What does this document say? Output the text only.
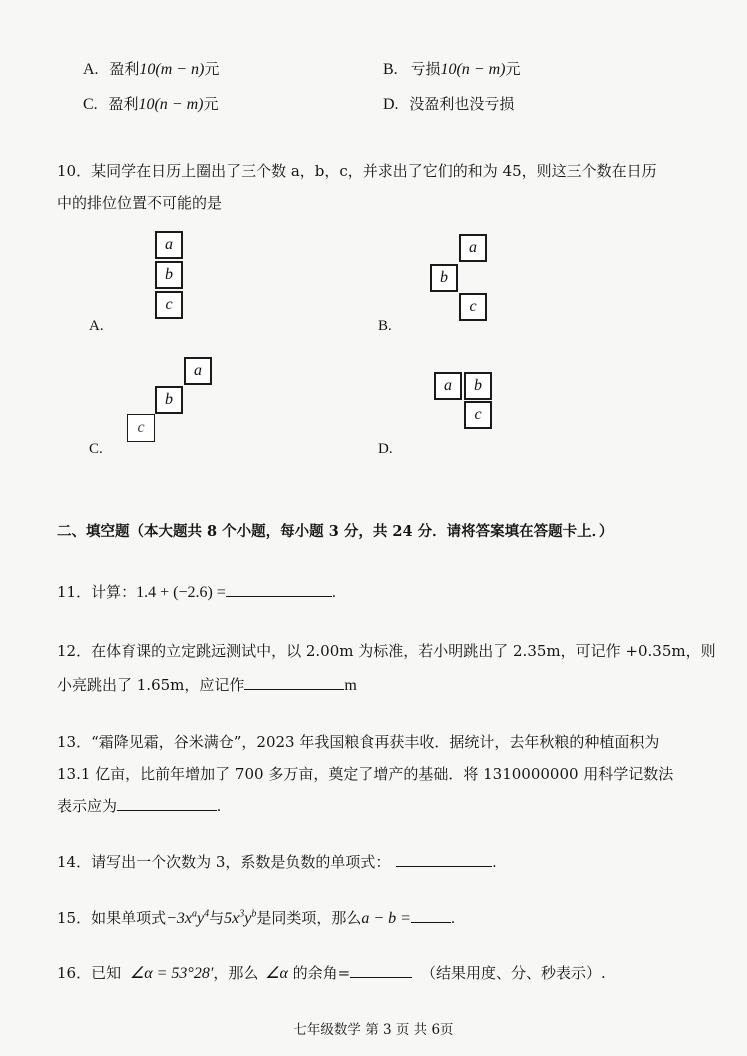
A. 盈利10(m − n)元	B. 亏损10(n − m)元
C. 盈利10(n − m)元	D. 没盈利也没亏损
10．某同学在日历上圈出了三个数 a，b，c，并求出了它们的和为 45，则这三个数在日历
中的排位位置不可能的是
A.
a
b
c
B.
a
b
c
C.
a
b
c
D.
a	b
c
二、填空题（本大题共 8 个小题，每小题 3 分，共 24 分．请将答案填在答题卡上．）
11．计算：1.4 + (−2.6) =	.
12．在体育课的立定跳远测试中，以 2.00m 为标准，若小明跳出了 2.35m，可记作 +0.35m，则
小亮跳出了 1.65m，应记作	m
13．“霜降见霜，谷米满仓”，2023 年我国粮食再获丰收．据统计，去年秋粮的种植面积为
13.1 亿亩，比前年增加了 700 多万亩，奠定了增产的基础．将 1310000000 用科学记数法
表示应为	.
14．请写出一个次数为 3，系数是负数的单项式：	.
15．如果单项式$-3x^ay^4$与$5x^3y^b$是同类项，那么a − b =	.
16．已知 ∠α = 53°28′，那么 ∠α 的余角=	（结果用度、分、秒表示）.
七年级数学 第 3 页 共 6页
